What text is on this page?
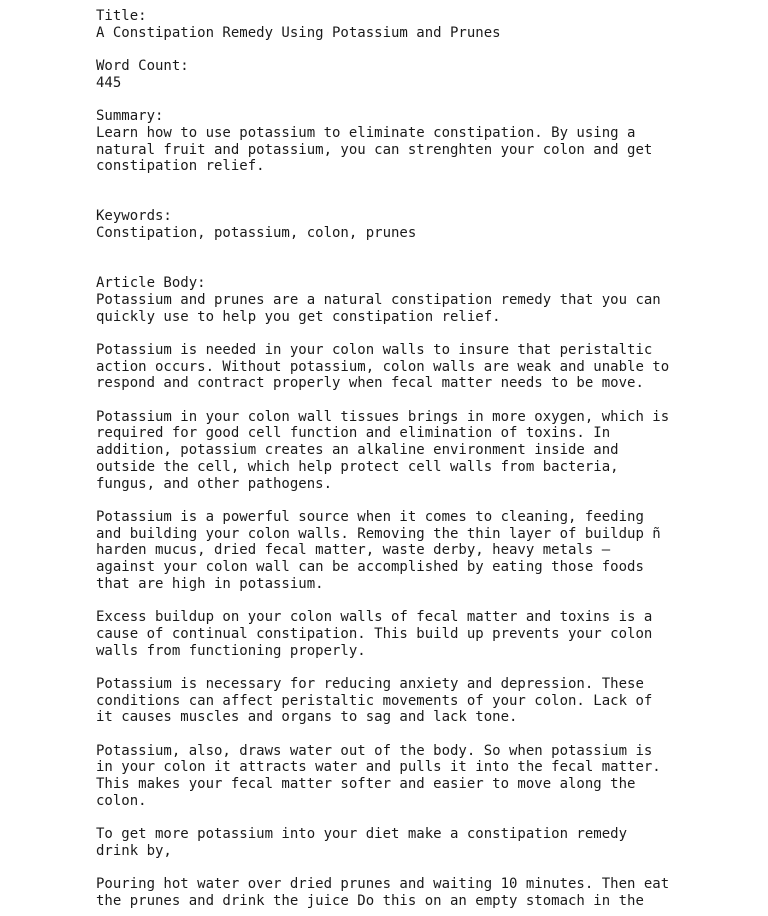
Title:
A Constipation Remedy Using Potassium and Prunes
Word Count:
445
Summary:
Learn how to use potassium to eliminate constipation. By using a
natural fruit and potassium, you can strenghten your colon and get
constipation relief.
Keywords:
Constipation, potassium, colon, prunes
Article Body:
Potassium and prunes are a natural constipation remedy that you can
quickly use to help you get constipation relief.
Potassium is needed in your colon walls to insure that peristaltic
action occurs. Without potassium, colon walls are weak and unable to
respond and contract properly when fecal matter needs to be move.
Potassium in your colon wall tissues brings in more oxygen, which is
required for good cell function and elimination of toxins. In
addition, potassium creates an alkaline environment inside and
outside the cell, which help protect cell walls from bacteria,
fungus, and other pathogens.
Potassium is a powerful source when it comes to cleaning, feeding
and building your colon walls. Removing the thin layer of buildup ñ
harden mucus, dried fecal matter, waste derby, heavy metals –
against your colon wall can be accomplished by eating those foods
that are high in potassium.
Excess buildup on your colon walls of fecal matter and toxins is a
cause of continual constipation. This build up prevents your colon
walls from functioning properly.
Potassium is necessary for reducing anxiety and depression. These
conditions can affect peristaltic movements of your colon. Lack of
it causes muscles and organs to sag and lack tone.
Potassium, also, draws water out of the body. So when potassium is
in your colon it attracts water and pulls it into the fecal matter.
This makes your fecal matter softer and easier to move along the
colon.
To get more potassium into your diet make a constipation remedy
drink by,
Pouring hot water over dried prunes and waiting 10 minutes. Then eat
the prunes and drink the juice Do this on an empty stomach in the
